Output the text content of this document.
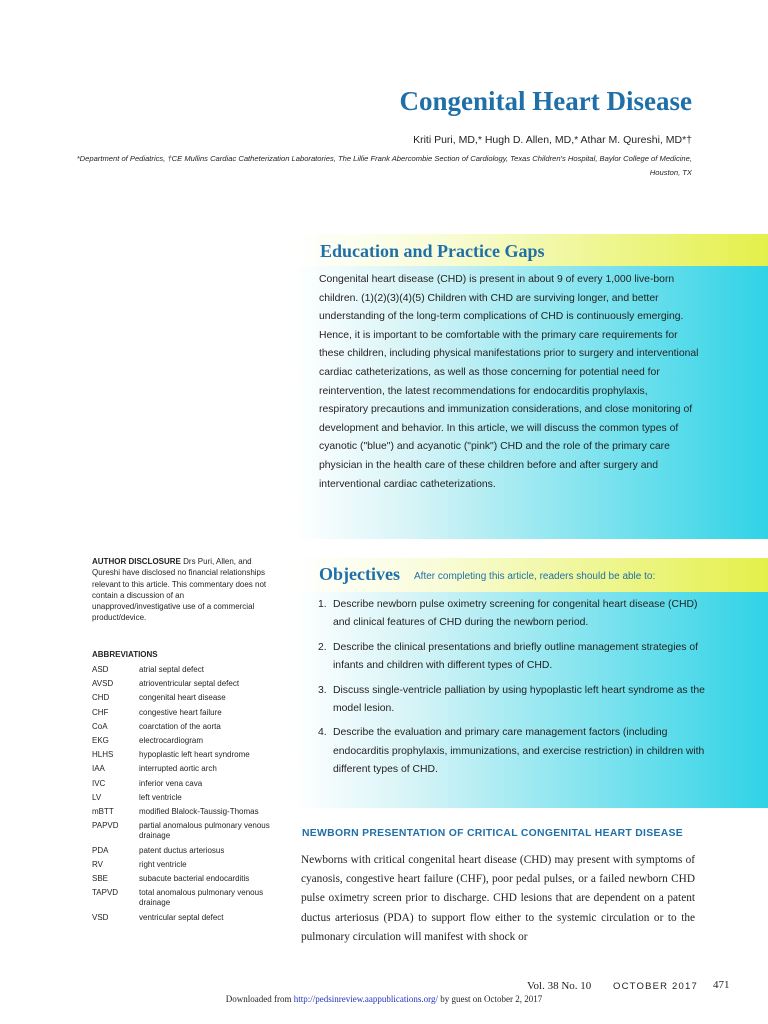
Congenital Heart Disease
Kriti Puri, MD,* Hugh D. Allen, MD,* Athar M. Qureshi, MD*†
*Department of Pediatrics, †CE Mullins Cardiac Catheterization Laboratories, The Lillie Frank Abercombie Section of Cardiology, Texas Children's Hospital, Baylor College of Medicine, Houston, TX
Education and Practice Gaps

Congenital heart disease (CHD) is present in about 9 of every 1,000 live-born children. (1)(2)(3)(4)(5) Children with CHD are surviving longer, and better understanding of the long-term complications of CHD is continuously emerging. Hence, it is important to be comfortable with the primary care requirements for these children, including physical manifestations prior to surgery and interventional cardiac catheterizations, as well as those concerning for potential need for reintervention, the latest recommendations for endocarditis prophylaxis, respiratory precautions and immunization considerations, and close monitoring of development and behavior. In this article, we will discuss the common types of cyanotic ("blue") and acyanotic ("pink") CHD and the role of the primary care physician in the health care of these children before and after surgery and interventional cardiac catheterizations.

Objectives After completing this article, readers should be able to:
1. Describe newborn pulse oximetry screening for congenital heart disease (CHD) and clinical features of CHD during the newborn period.
2. Describe the clinical presentations and briefly outline management strategies of infants and children with different types of CHD.
3. Discuss single-ventricle palliation by using hypoplastic left heart syndrome as the model lesion.
4. Describe the evaluation and primary care management factors (including endocarditis prophylaxis, immunizations, and exercise restriction) in children with different types of CHD.
AUTHOR DISCLOSURE Drs Puri, Allen, and Qureshi have disclosed no financial relationships relevant to this article. This commentary does not contain a discussion of an unapproved/investigative use of a commercial product/device.
ABBREVIATIONS
ASD	atrial septal defect
AVSD	atrioventricular septal defect
CHD	congenital heart disease
CHF	congestive heart failure
CoA	coarctation of the aorta
EKG	electrocardiogram
HLHS	hypoplastic left heart syndrome
IAA	interrupted aortic arch
IVC	inferior vena cava
LV	left ventricle
mBTT	modified Blalock-Taussig-Thomas
PAPVD	partial anomalous pulmonary venous drainage
PDA	patent ductus arteriosus
RV	right ventricle
SBE	subacute bacterial endocarditis
TAPVD	total anomalous pulmonary venous drainage
VSD	ventricular septal defect
NEWBORN PRESENTATION OF CRITICAL CONGENITAL HEART DISEASE

Newborns with critical congenital heart disease (CHD) may present with symptoms of cyanosis, congestive heart failure (CHF), poor pedal pulses, or a failed newborn CHD pulse oximetry screen prior to discharge. CHD lesions that are dependent on a patent ductus arteriosus (PDA) to support flow either to the systemic circulation or to the pulmonary circulation will manifest with shock or

Vol. 38 No. 10 OCTOBER 2017 471
Downloaded from http://pedsinreview.aappublications.org/ by guest on October 2, 2017
